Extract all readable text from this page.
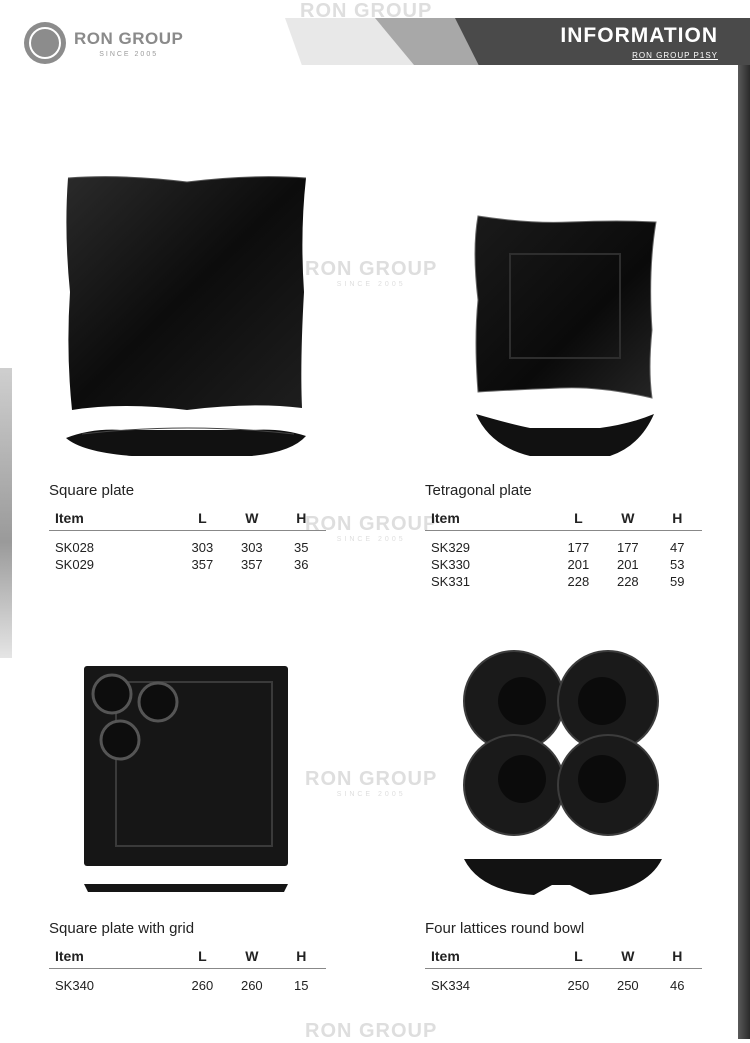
RON GROUP
SINCE 2005
INFORMATION
RON GROUP P1SY
RON GROUP
RON GROUP
SINCE 2005
RON GROUP
SINCE 2005
RON GROUP
SINCE 2005
RON GROUP
Square plate
Item	L	W	H
SK028	303	303	35
SK029	357	357	36
Tetragonal plate
Item	L	W	H
SK329	177	177	47
SK330	201	201	53
SK331	228	228	59
Square plate with grid
Item	L	W	H
SK340	260	260	15
Four lattices round bowl
Item	L	W	H
SK334	250	250	46
